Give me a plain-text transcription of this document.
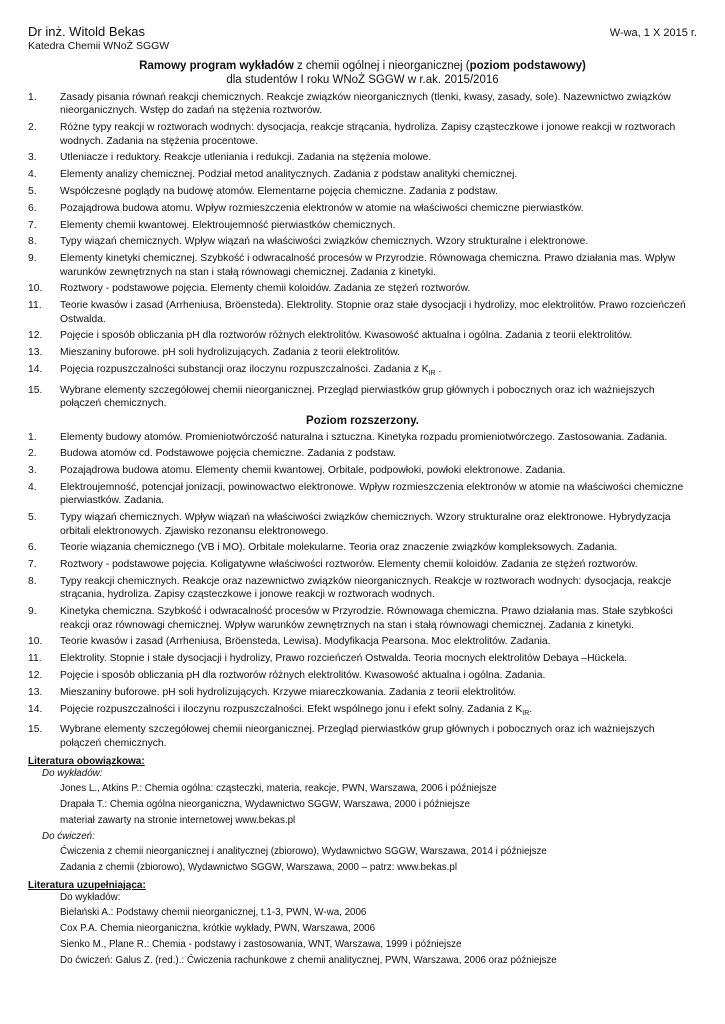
Dr inż. Witold Bekas	W-wa, 1 X 2015 r.
Katedra Chemii WNoŻ SGGW
Ramowy program wykładów z chemii ogólnej i nieorganicznej (poziom podstawowy)
dla studentów I roku WNoŻ SGGW w r.ak. 2015/2016
1.	Zasady pisania równań reakcji chemicznych. Reakcje związków nieorganicznych (tlenki, kwasy, zasady, sole). Nazewnictwo związków nieorganicznych. Wstęp do zadań na stężenia roztworów.
2.	Różne typy reakcji w roztworach wodnych: dysocjacja, reakcje strącania, hydroliza. Zapisy cząsteczkowe i jonowe reakcji w roztworach wodnych. Zadania na stężenia procentowe.
3.	Utleniacze i reduktory. Reakcje utleniania i redukcji. Zadania na stężenia molowe.
4.	Elementy analizy chemicznej. Podział metod analitycznych. Zadania z podstaw analityki chemicznej.
5.	Współczesne poglądy na budowę atomów. Elementarne pojęcia chemiczne. Zadania z podstaw.
6.	Pozajądrowa budowa atomu. Wpływ rozmieszczenia elektronów w atomie na właściwości chemiczne pierwiastków.
7.	Elementy chemii kwantowej. Elektroujemność pierwiastków chemicznych.
8.	Typy wiązań chemicznych. Wpływ wiązań na właściwości związków chemicznych. Wzory strukturalne i elektronowe.
9.	Elementy kinetyki chemicznej. Szybkość i odwracalność procesów w Przyrodzie. Równowaga chemiczna. Prawo działania mas. Wpływ warunków zewnętrznych na stan i stałą równowagi chemicznej. Zadania z kinetyki.
10.	Roztwory - podstawowe pojęcia. Elementy chemii koloidów. Zadania ze stężeń roztworów.
11.	Teorie kwasów i zasad (Arrheniusa, Bröensteda). Elektrolity. Stopnie oraz stałe dysocjacji i hydrolizy, moc elektrolitów. Prawo rozcieńczeń Ostwalda.
12.	Pojęcie i sposób obliczania pH dla roztworów różnych elektrolitów. Kwasowość aktualna i ogólna. Zadania z teorii elektrolitów.
13.	Mieszaniny buforowe. pH soli hydrolizujących. Zadania z teorii elektrolitów.
14.	Pojęcia rozpuszczalności substancji oraz iloczynu rozpuszczalności. Zadania z $K_{IR}$ .
15.	Wybrane elementy szczegółowej chemii nieorganicznej. Przegląd pierwiastków grup głównych i pobocznych oraz ich ważniejszych połączeń chemicznych.
Poziom rozszerzony.
1.	Elementy budowy atomów. Promieniotwórczość naturalna i sztuczna. Kinetyka rozpadu promieniotwórczego. Zastosowania. Zadania.
2.	Budowa atomów cd. Podstawowe pojęcia chemiczne. Zadania z podstaw.
3.	Pozajądrowa budowa atomu. Elementy chemii kwantowej. Orbitale, podpowłoki, powłoki elektronowe. Zadania.
4.	Elektroujemność, potencjał jonizacji, powinowactwo elektronowe. Wpływ rozmieszczenia elektronów w atomie na właściwości chemiczne pierwiastków. Zadania.
5.	Typy wiązań chemicznych. Wpływ wiązań na właściwości związków chemicznych. Wzory strukturalne oraz elektronowe. Hybrydyzacja orbitali elektronowych. Zjawisko rezonansu elektronowego.
6.	Teorie wiązania chemicznego (VB i MO). Orbitale molekularne. Teoria oraz znaczenie związków kompleksowych. Zadania.
7.	Roztwory - podstawowe pojęcia. Koligatywne właściwości roztworów. Elementy chemii koloidów. Zadania ze stężeń roztworów.
8.	Typy reakcji chemicznych. Reakcje oraz nazewnictwo związków nieorganicznych. Reakcje w roztworach wodnych: dysocjacja, reakcje strącania, hydroliza. Zapisy cząsteczkowe i jonowe reakcji w roztworach wodnych.
9.	Kinetyka chemiczna. Szybkość i odwracalność procesów w Przyrodzie. Równowaga chemiczna. Prawo działania mas. Stałe szybkości reakcji oraz równowagi chemicznej. Wpływ warunków zewnętrznych na stan i stałą równowagi chemicznej. Zadania z kinetyki.
10.	Teorie kwasów i zasad (Arrheniusa, Bröensteda, Lewisa). Modyfikacja Pearsona. Moc elektrolitów. Zadania.
11.	Elektrolity. Stopnie i stałe dysocjacji i hydrolizy, Prawo rozcieńczeń Ostwalda. Teoria mocnych elektrolitów Debaya –Hückela.
12.	Pojęcie i sposób obliczania pH dla roztworów różnych elektrolitów. Kwasowość aktualna i ogólna. Zadania.
13.	Mieszaniny buforowe. pH soli hydrolizujących. Krzywe miareczkowania. Zadania z teorii elektrolitów.
14.	Pojęcie rozpuszczalności i iloczynu rozpuszczalności. Efekt wspólnego jonu i efekt solny. Zadania z $K_{IR}$.
15.	Wybrane elementy szczegółowej chemii nieorganicznej. Przegląd pierwiastków grup głównych i pobocznych oraz ich ważniejszych połączeń chemicznych.
Literatura obowiązkowa:
Do wykładów:
Jones L., Atkins P.: Chemia ogólna: cząsteczki, materia, reakcje, PWN, Warszawa, 2006 i późniejsze
Drapała T.: Chemia ogólna nieorganiczna, Wydawnictwo SGGW, Warszawa, 2000 i późniejsze
materiał zawarty na stronie internetowej www.bekas.pl
Do ćwiczeń:
Ćwiczenia z chemii nieorganicznej i analitycznej (zbiorowo), Wydawnictwo SGGW, Warszawa, 2014 i późniejsze
Zadania z chemii (zbiorowo), Wydawnictwo SGGW, Warszawa, 2000 – patrz: www.bekas.pl
Literatura uzupełniająca:
Do wykładów:
Bielański A.: Podstawy chemii nieorganicznej, t.1-3, PWN, W-wa, 2006
Cox P.A. Chemia nieorganiczna, krótkie wykłady, PWN, Warszawa, 2006
Sienko M., Plane R.: Chemia - podstawy i zastosowania, WNT, Warszawa, 1999 i późniejsze
Do ćwiczeń: Galus Z. (red.).: Ćwiczenia rachunkowe z chemii analitycznej, PWN, Warszawa, 2006 oraz późniejsze
